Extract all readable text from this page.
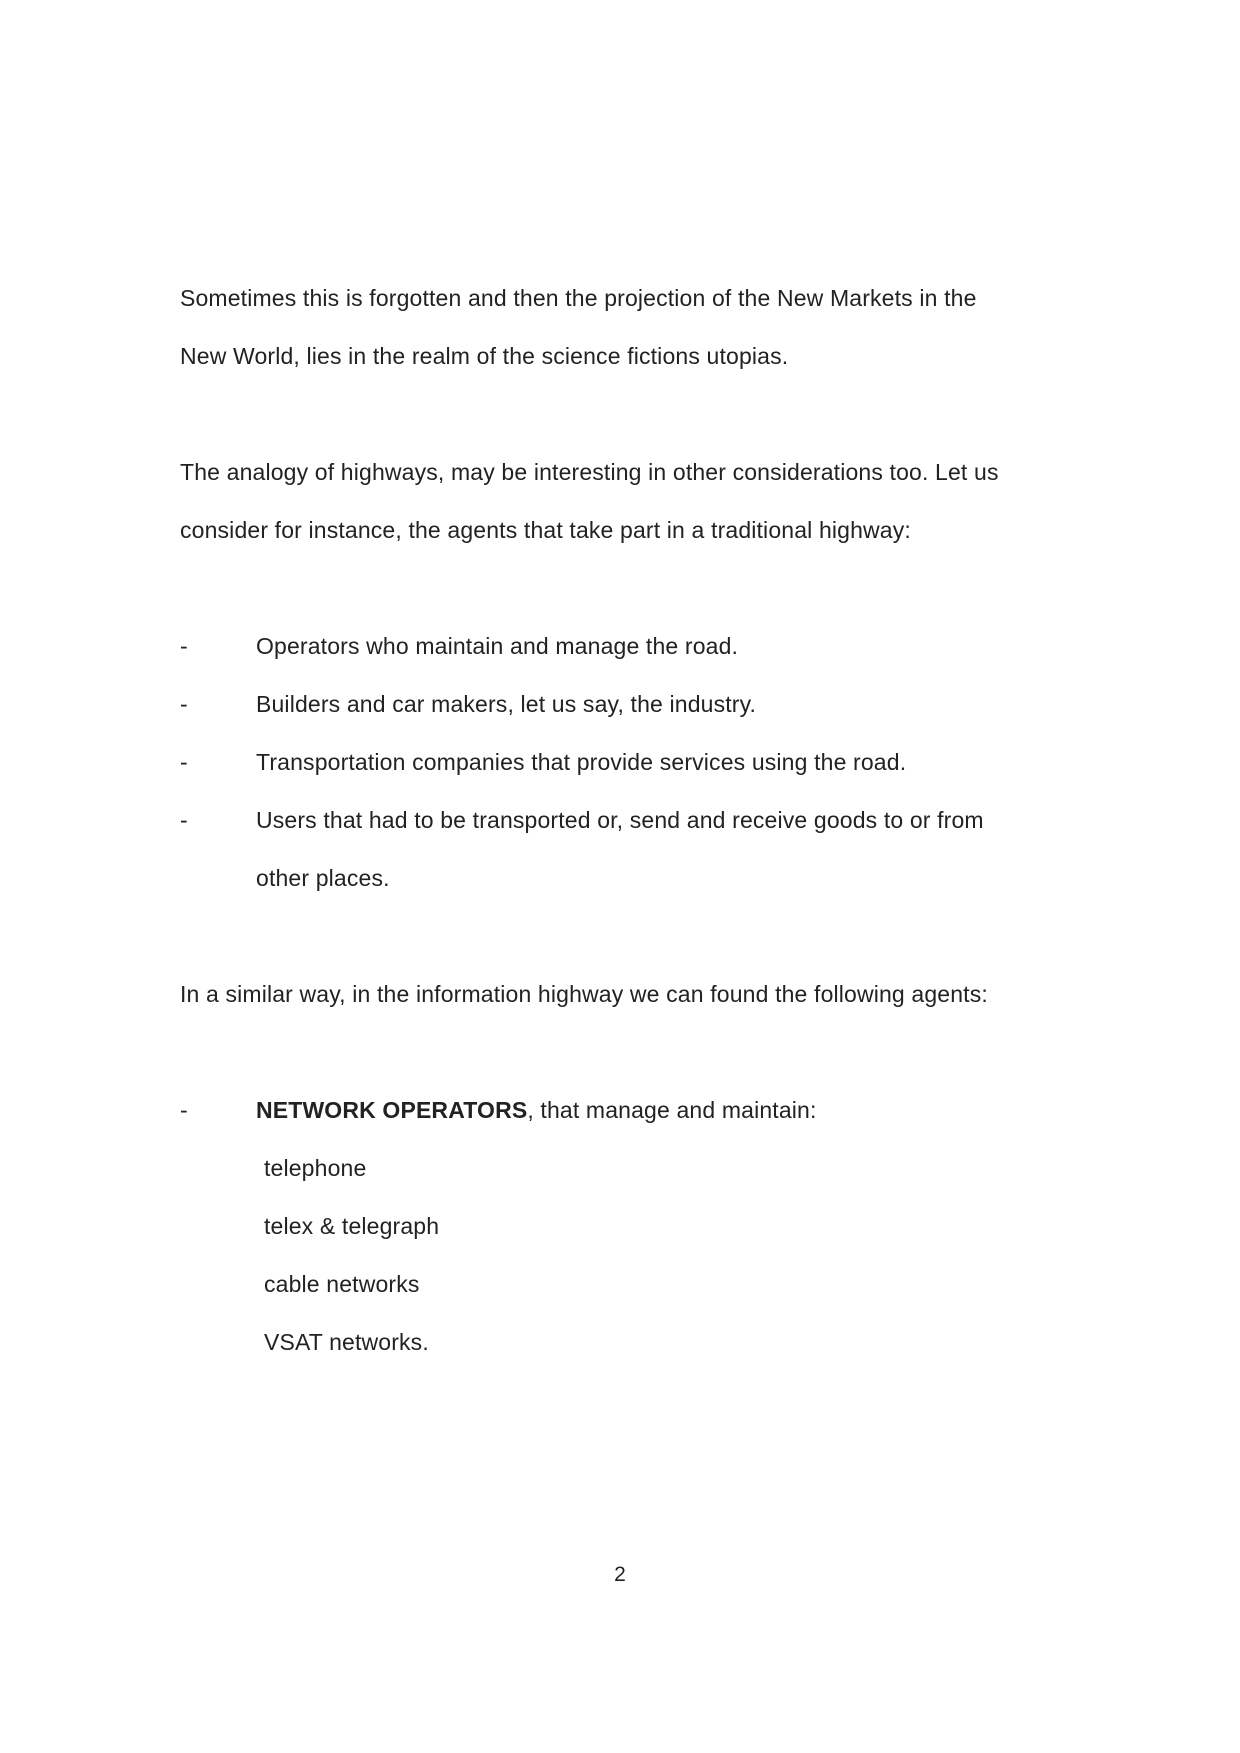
Sometimes this is forgotten and then the projection of the New Markets in the
New World, lies in the realm of the science fictions utopias.
The analogy of highways, may be interesting in other considerations too. Let us
consider for instance, the agents that take part in a traditional highway:
-	Operators who maintain and manage the road.
-	Builders and car makers, let us say, the industry.
-	Transportation companies that provide services using the road.
-	Users that had to be transported or, send and receive goods to or from
other places.
In a similar way, in the information highway we can found the following agents:
-	NETWORK OPERATORS, that manage and maintain:
telephone
telex & telegraph
cable networks
VSAT networks.
2
